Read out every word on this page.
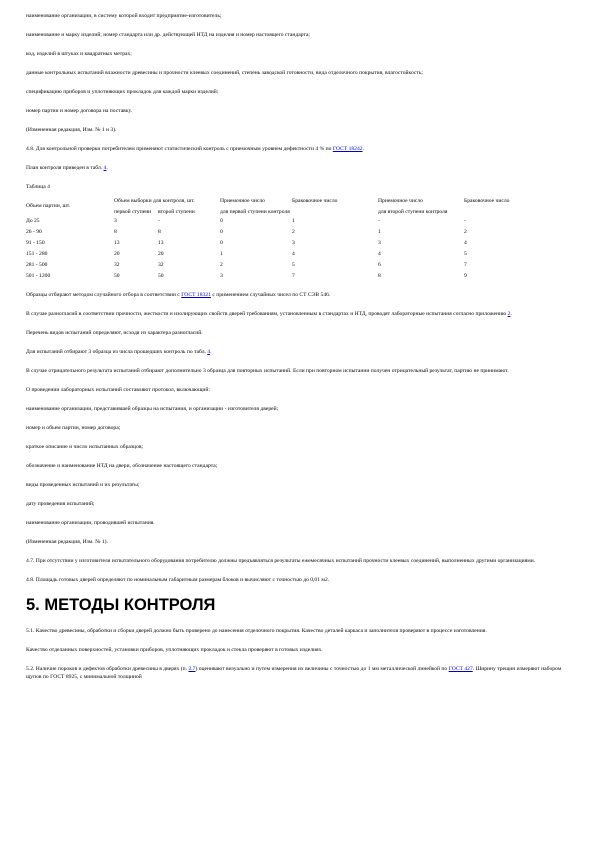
наименование организации, в систему которой входит предприятие-изготовитель;

наименование и марку изделий, номер стандарта или др. действующей НТД на изделия и номер настоящего стандарта;

код, изделий в штуках и квадратных метрах;

данные контрольных испытаний влажности древесины и прочности клеевых соединений, степень заводской готовности, вида отделочного покрытия, влагостойкость;

спецификацию приборов и уплотняющих прокладок для каждой марки изделий;

номер партии и номер договора на поставку.

(Измененная редакция, Изм. № 1 и 3).

4.8. Для контрольной проверки потребителем применяют статистический контроль с приемочным уровнем дефектности 4 % по ГОСТ 18242.

План контроля приведен в табл. 4.

Таблица 4

Объем партии, шт.	Объем выборки для контроля, шт.		Приемочное число	Браковочное число	Приемочное число	Браковочное число
	первой ступени	второй ступени	для первой ступени контроля		для второй ступени контроля	
До 25	3	-	0	1	-	-
26 - 90	8	8	0	2	1	2
91 - 150	13	13	0	3	3	4
151 - 280	20	20	1	4	4	5
281 - 500	32	32	2	5	6	7
501 - 1200	50	50	3	7	8	9

Образцы отбирают методом случайного отбора в соответствии с ГОСТ 18321 с применением случайных чисел по СТ СЭВ 546.

В случае разногласий в соответствии прочности, жесткости и изолирующих свойств дверей требованиям, установленным в стандартах и НТД, проводят лабораторные испытания согласно приложению 2.

Перечень видов испытаний определяют, исходя из характера разногласий.

Для испытаний отбирают 3 образца из числа прошедших контроль по табл. 4.

В случае отрицательного результата испытаний отбирают дополнительно 3 образца для повторных испытаний. Если при повторном испытании получен отрицательный результат, партию не принимают.

О проведении лабораторных испытаний составляют протокол, включающий:

наименование организации, представившей образцы на испытания, и организации - изготовителя дверей;

номер и объем партии, номер договора;

краткое описание и число испытанных образцов;

обозначение и наименование НТД на двери, обозначение настоящего стандарта;

виды проведенных испытаний и их результаты;

дату проведения испытаний;

наименование организации, проводившей испытания.

(Измененная редакция, Изм. № 1).

4.7. При отсутствии у изготовителя испытательного оборудования потребителю должны предъявляться результаты ежемесячных испытаний прочности клеевых соединений, выполненных другими организациями.

4.8. Площадь готовых дверей определяют по номинальным габаритным размерам блоков и вычисляют с точностью до 0,01 м2.

5. МЕТОДЫ КОНТРОЛЯ

5.1. Качество древесины, обработки и сборки дверей должно быть проверено до нанесения отделочного покрытия. Качество деталей каркаса и заполнителя проверяют в процессе изготовления.

Качество отделанных поверхностей, установки приборов, уплотняющих прокладок и стекла проверяют в готовых изделиях.

5.2. Наличие пороков и дефектов обработки древесины в дверях (п. 2.7) оценивают визуально и путем измерения их величины с точностью до 1 мм металлической линейкой по ГОСТ 427. Ширину трещин измеряют набором щупов по ГОСТ 8925, с минимальной толщиной
